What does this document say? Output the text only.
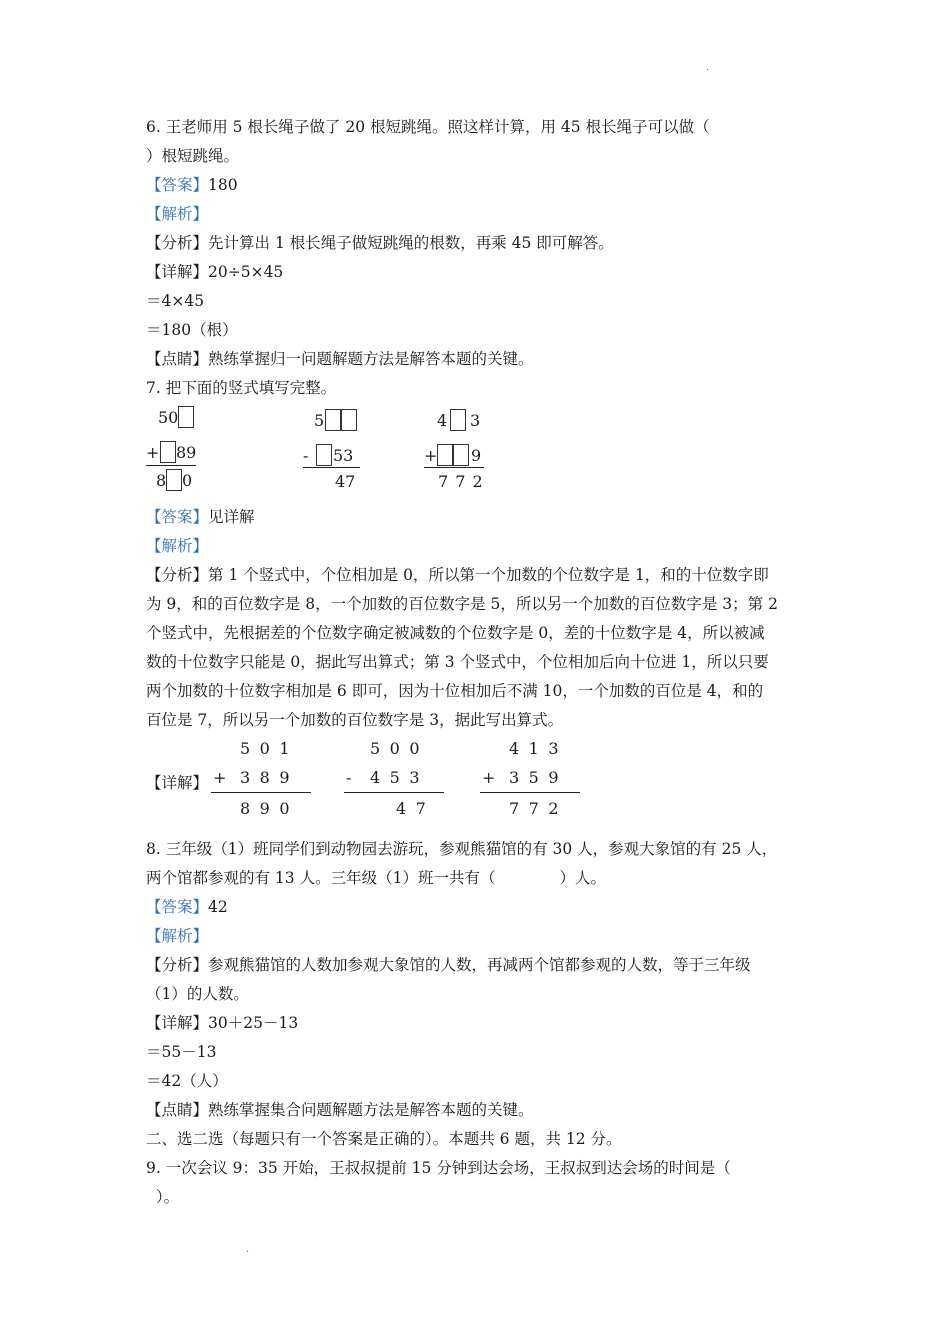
.
6. 王老师用 5 根长绳子做了 20 根短跳绳。照这样计算，用 45 根长绳子可以做（
）根短跳绳。
【答案】180
【解析】
【分析】先计算出 1 根长绳子做短跳绳的根数，再乘 45 即可解答。
【详解】20÷5×45
＝4×45
＝180（根）
【点睛】熟练掌握归一问题解题方法是解答本题的关键。
7. 把下面的竖式填写完整。
50
+ 89
8 0
5
- 53
47
4 3
+ 9
7 7 2
【答案】见详解
【解析】
【分析】第 1 个竖式中，个位相加是 0，所以第一个加数的个位数字是 1，和的十位数字即
为 9，和的百位数字是 8，一个加数的百位数字是 5，所以另一个加数的百位数字是 3；第 2
个竖式中，先根据差的个位数字确定被减数的个位数字是 0，差的十位数字是 4，所以被减
数的十位数字只能是 0，据此写出算式；第 3 个竖式中，个位相加后向十位进 1，所以只要
两个加数的十位数字相加是 6 即可，因为十位相加后不满 10，一个加数的百位是 4，和的
百位是 7，所以另一个加数的百位数字是 3，据此写出算式。
【详解】
501
+ 389
890
500
- 453
47
413
+ 359
772
8. 三年级（1）班同学们到动物园去游玩，参观熊猫馆的有 30 人，参观大象馆的有 25 人，
两个馆都参观的有 13 人。三年级（1）班一共有（             ）人。
【答案】42
【解析】
【分析】参观熊猫馆的人数加参观大象馆的人数，再减两个馆都参观的人数，等于三年级
（1）的人数。
【详解】30＋25－13
＝55－13
＝42（人）
【点睛】熟练掌握集合问题解题方法是解答本题的关键。
二、选二选（每题只有一个答案是正确的）。本题共 6 题，共 12 分。
9. 一次会议 9：35 开始，王叔叔提前 15 分钟到达会场，王叔叔到达会场的时间是（
）。
.
